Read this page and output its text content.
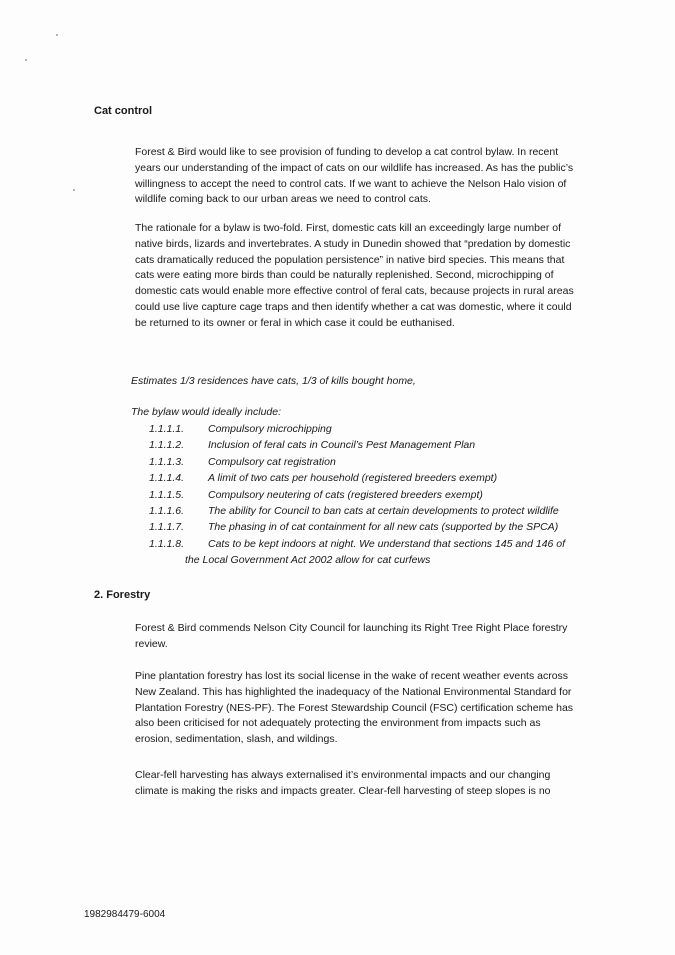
Cat control

Forest & Bird would like to see provision of funding to develop a cat control bylaw. In recent years our understanding of the impact of cats on our wildlife has increased. As has the public’s willingness to accept the need to control cats. If we want to achieve the Nelson Halo vision of wildlife coming back to our urban areas we need to control cats.

The rationale for a bylaw is two-fold. First, domestic cats kill an exceedingly large number of native birds, lizards and invertebrates. A study in Dunedin showed that “predation by domestic cats dramatically reduced the population persistence” in native bird species. This means that cats were eating more birds than could be naturally replenished. Second, microchipping of domestic cats would enable more effective control of feral cats, because projects in rural areas could use live capture cage traps and then identify whether a cat was domestic, where it could be returned to its owner or feral in which case it could be euthanised.

Estimates 1/3 residences have cats, 1/3 of kills bought home,
The bylaw would ideally include:
1.1.1.1. Compulsory microchipping
1.1.1.2. Inclusion of feral cats in Council’s Pest Management Plan
1.1.1.3. Compulsory cat registration
1.1.1.4. A limit of two cats per household (registered breeders exempt)
1.1.1.5. Compulsory neutering of cats (registered breeders exempt)
1.1.1.6. The ability for Council to ban cats at certain developments to protect wildlife
1.1.1.7. The phasing in of cat containment for all new cats (supported by the SPCA)
1.1.1.8. Cats to be kept indoors at night. We understand that sections 145 and 146 of
the Local Government Act 2002 allow for cat curfews
2. Forestry

Forest & Bird commends Nelson City Council for launching its Right Tree Right Place forestry review.

Pine plantation forestry has lost its social license in the wake of recent weather events across New Zealand. This has highlighted the inadequacy of the National Environmental Standard for Plantation Forestry (NES-PF). The Forest Stewardship Council (FSC) certification scheme has also been criticised for not adequately protecting the environment from impacts such as erosion, sedimentation, slash, and wildings.

Clear-fell harvesting has always externalised it’s environmental impacts and our changing climate is making the risks and impacts greater. Clear-fell harvesting of steep slopes is no

1982984479-6004
